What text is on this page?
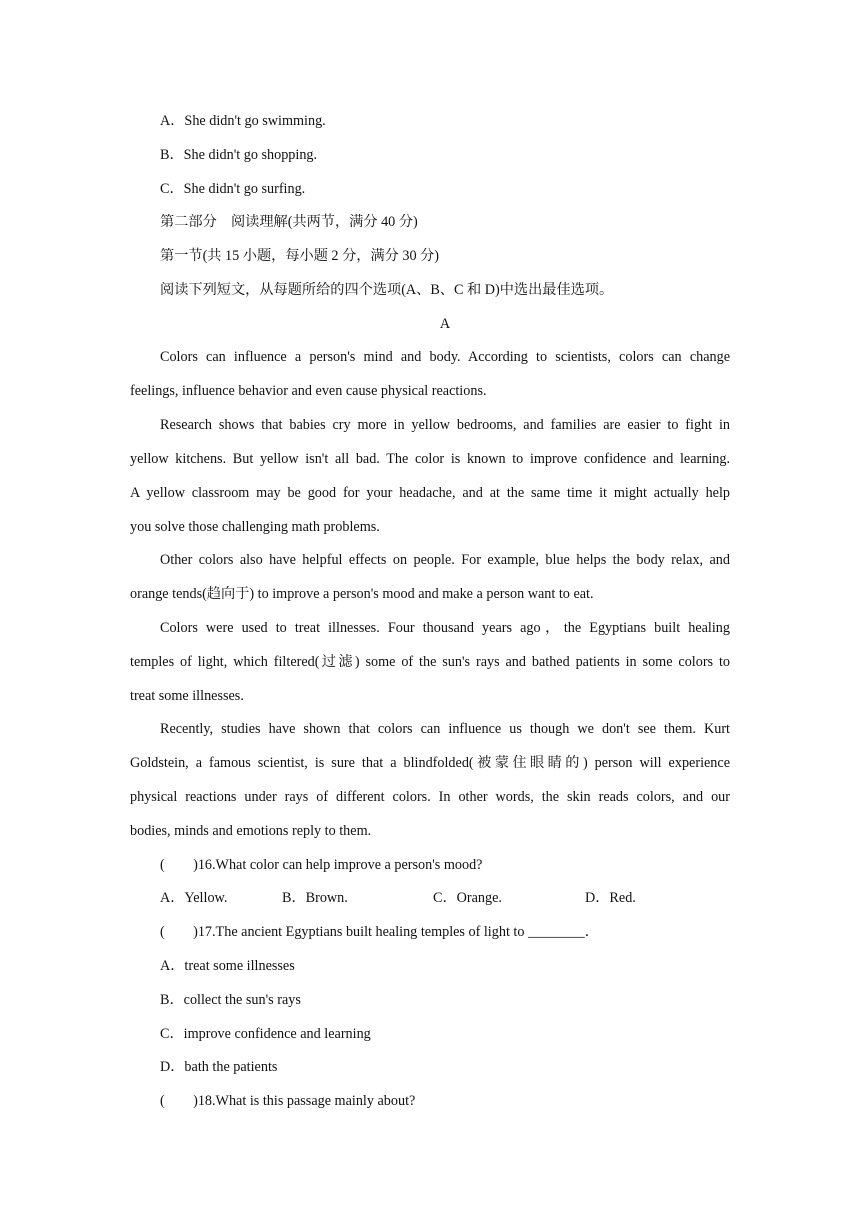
A．She didn't go swimming.
B．She didn't go shopping.
C．She didn't go surfing.
第二部分　阅读理解(共两节，满分 40 分)
第一节(共 15 小题，每小题 2 分，满分 30 分)
阅读下列短文，从每题所给的四个选项(A、B、C 和 D)中选出最佳选项。
A
Colors can influence a person's mind and body. According to scientists, colors can change
feelings, influence behavior and even cause physical reactions.
Research shows that babies cry more in yellow bedrooms, and families are easier to fight in
yellow kitchens. But yellow isn't all bad. The color is known to improve confidence and learning.
A yellow classroom may be good for your headache, and at the same time it might actually help
you solve those challenging math problems.
Other colors also have helpful effects on people. For example, blue helps the body relax, and
orange tends(趋向于) to improve a person's mood and make a person want to eat.
Colors were used to treat illnesses. Four thousand years ago，the Egyptians built healing
temples of light, which filtered(过滤) some of the sun's rays and bathed patients in some colors to
treat some illnesses.
Recently, studies have shown that colors can influence us though we don't see them. Kurt
Goldstein, a famous scientist, is sure that a blindfolded(被蒙住眼睛的) person will experience
physical reactions under rays of different colors. In other words, the skin reads colors, and our
bodies, minds and emotions reply to them.
(　　)16.What color can help improve a person's mood?
A．Yellow.	B．Brown.	C．Orange.	D．Red.
(　　)17.The ancient Egyptians built healing temples of light to ________．
A．treat some illnesses
B．collect the sun's rays
C．improve confidence and learning
D．bath the patients
(　　)18.What is this passage mainly about?
